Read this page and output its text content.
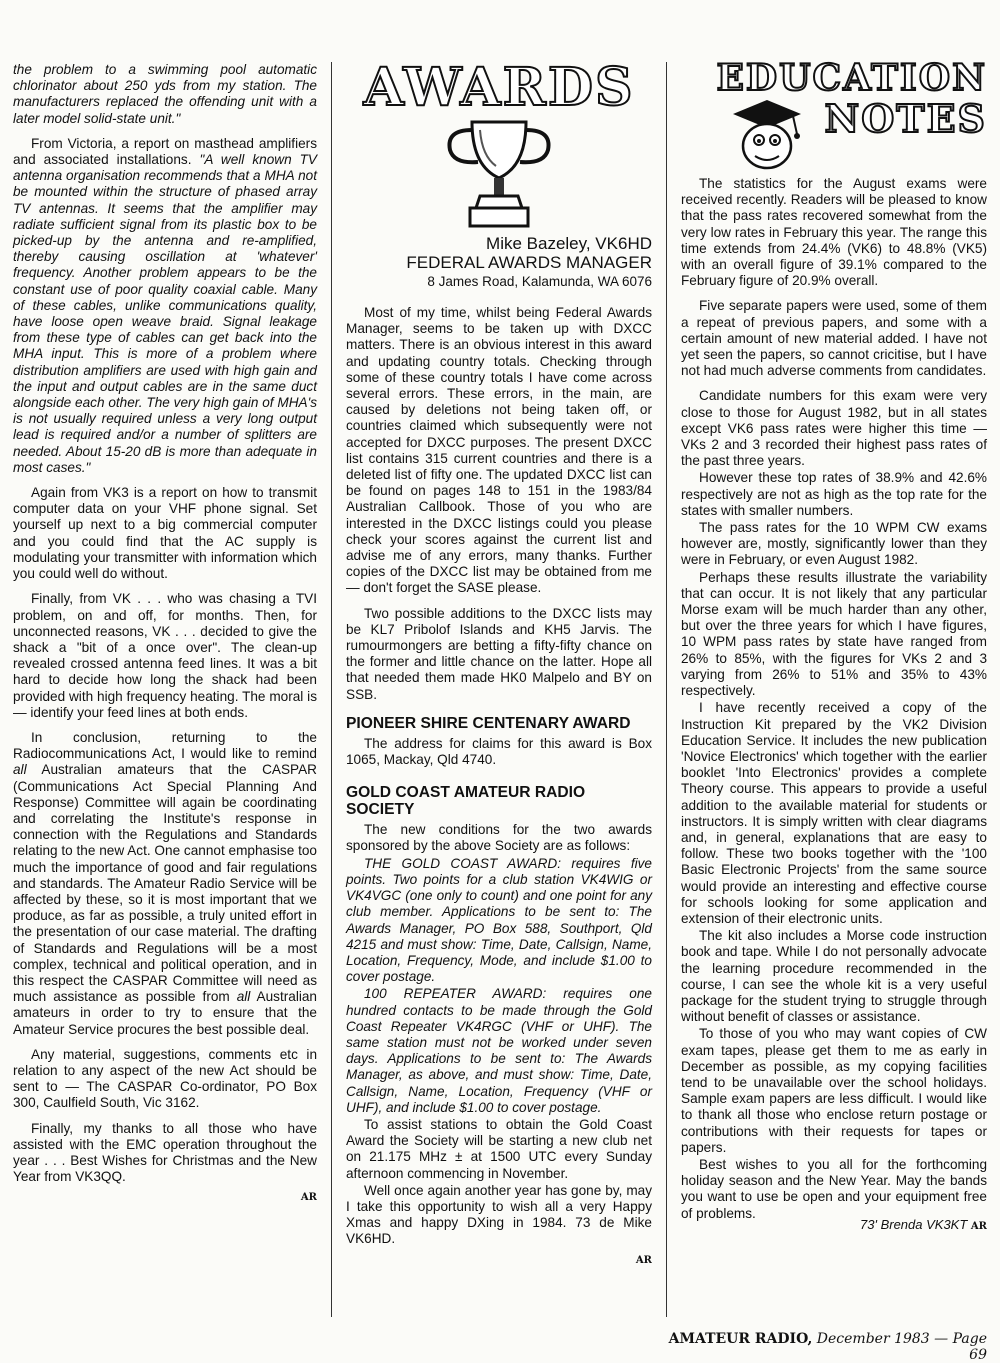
the problem to a swimming pool automatic chlorinator about 250 yds from my station. The manufacturers replaced the offending unit with a later model solid-state unit."

From Victoria, a report on masthead amplifiers and associated installations. "A well known TV antenna organisation recommends that a MHA not be mounted within the structure of phased array TV antennas. It seems that the amplifier may radiate sufficient signal from its plastic box to be picked-up by the antenna and re-amplified, thereby causing oscillation at 'whatever' frequency. Another problem appears to be the constant use of poor quality coaxial cable. Many of these cables, unlike communications quality, have loose open weave braid. Signal leakage from these type of cables can get back into the MHA input. This is more of a problem where distribution amplifiers are used with high gain and the input and output cables are in the same duct alongside each other. The very high gain of MHA's is not usually required unless a very long output lead is required and/or a number of splitters are needed. About 15-20 dB is more than adequate in most cases."

Again from VK3 is a report on how to transmit computer data on your VHF phone signal. Set yourself up next to a big commercial computer and you could find that the AC supply is modulating your transmitter with information which you could well do without.

Finally, from VK . . . who was chasing a TVI problem, on and off, for months. Then, for unconnected reasons, VK . . . decided to give the shack a "bit of a once over". The clean-up revealed crossed antenna feed lines. It was a bit hard to decide how long the shack had been provided with high frequency heating. The moral is — identify your feed lines at both ends.

In conclusion, returning to the Radiocommunications Act, I would like to remind all Australian amateurs that the CASPAR (Communications Act Special Planning And Response) Committee will again be coordinating and correlating the Institute's response in connection with the Regulations and Standards relating to the new Act. One cannot emphasise too much the importance of good and fair regulations and standards. The Amateur Radio Service will be affected by these, so it is most important that we produce, as far as possible, a truly united effort in the presentation of our case material. The drafting of Standards and Regulations will be a most complex, technical and political operation, and in this respect the CASPAR Committee will need as much assistance as possible from all Australian amateurs in order to try to ensure that the Amateur Service procures the best possible deal.

Any material, suggestions, comments etc in relation to any aspect of the new Act should be sent to — The CASPAR Co-ordinator, PO Box 300, Caulfield South, Vic 3162.

Finally, my thanks to all those who have assisted with the EMC operation throughout the year . . . Best Wishes for Christmas and the New Year from VK3QQ.

AR
AWARDS
Mike Bazeley, VK6HD
FEDERAL AWARDS MANAGER
8 James Road, Kalamunda, WA 6076

Most of my time, whilst being Federal Awards Manager, seems to be taken up with DXCC matters. There is an obvious interest in this award and updating country totals. Checking through some of these country totals I have come across several errors. These errors, in the main, are caused by deletions not being taken off, or countries claimed which subsequently were not accepted for DXCC purposes. The present DXCC list contains 315 current countries and there is a deleted list of fifty one. The updated DXCC list can be found on pages 148 to 151 in the 1983/84 Australian Callbook. Those of you who are interested in the DXCC listings could you please check your scores against the current list and advise me of any errors, many thanks. Further copies of the DXCC list may be obtained from me — don't forget the SASE please.

Two possible additions to the DXCC lists may be KL7 Pribolof Islands and KH5 Jarvis. The rumourmongers are betting a fifty-fifty chance on the former and little chance on the latter. Hope all that needed them made HK0 Malpelo and BY on SSB.

PIONEER SHIRE CENTENARY AWARD

The address for claims for this award is Box 1065, Mackay, Qld 4740.

GOLD COAST AMATEUR RADIO SOCIETY

The new conditions for the two awards sponsored by the above Society are as follows:

THE GOLD COAST AWARD: requires five points. Two points for a club station VK4WIG or VK4VGC (one only to count) and one point for any club member. Applications to be sent to: The Awards Manager, PO Box 588, Southport, Qld 4215 and must show: Time, Date, Callsign, Name, Location, Frequency, Mode, and include $1.00 to cover postage.

100 REPEATER AWARD: requires one hundred contacts to be made through the Gold Coast Repeater VK4RGC (VHF or UHF). The same station must not be worked under seven days. Applications to be sent to: The Awards Manager, as above, and must show: Time, Date, Callsign, Name, Location, Frequency (VHF or UHF), and include $1.00 to cover postage.

To assist stations to obtain the Gold Coast Award the Society will be starting a new club net on 21.175 MHz ± at 1500 UTC every Sunday afternoon commencing in November.

Well once again another year has gone by, may I take this opportunity to wish all a very Happy Xmas and happy DXing in 1984. 73 de Mike VK6HD.

AR
EDUCATION
NOTES

The statistics for the August exams were received recently. Readers will be pleased to know that the pass rates recovered somewhat from the very low rates in February this year. The range this time extends from 24.4% (VK6) to 48.8% (VK5) with an overall figure of 39.1% compared to the February figure of 20.9% overall.

Five separate papers were used, some of them a repeat of previous papers, and some with a certain amount of new material added. I have not yet seen the papers, so cannot cricitise, but I have not had much adverse comments from candidates.

Candidate numbers for this exam were very close to those for August 1982, but in all states except VK6 pass rates were higher this time —VKs 2 and 3 recorded their highest pass rates of the past three years.

However these top rates of 38.9% and 42.6% respectively are not as high as the top rate for the states with smaller numbers.

The pass rates for the 10 WPM CW exams however are, mostly, significantly lower than they were in February, or even August 1982.

Perhaps these results illustrate the variability that can occur. It is not likely that any particular Morse exam will be much harder than any other, but over the three years for which I have figures, 10 WPM pass rates by state have ranged from 26% to 85%, with the figures for VKs 2 and 3 varying from 26% to 51% and 35% to 43% respectively.

I have recently received a copy of the Instruction Kit prepared by the VK2 Division Education Service. It includes the new publication 'Novice Electronics' which together with the earlier booklet 'Into Electronics' provides a complete Theory course. This appears to provide a useful addition to the available material for students or instructors. It is simply written with clear diagrams and, in general, explanations that are easy to follow. These two books together with the '100 Basic Electronic Projects' from the same source would provide an interesting and effective course for schools looking for some application and extension of their electronic units.

The kit also includes a Morse code instruction book and tape. While I do not personally advocate the learning procedure recommended in the course, I can see the whole kit is a very useful package for the student trying to struggle through without benefit of classes or assistance.

To those of you who may want copies of CW exam tapes, please get them to me as early in December as possible, as my copying facilities tend to be unavailable over the school holidays. Sample exam papers are less difficult. I would like to thank all those who enclose return postage or contributions with their requests for tapes or papers.

Best wishes to you all for the forthcoming holiday season and the New Year. May the bands you want to use be open and your equipment free of problems.

73' Brenda VK3KT AR
AMATEUR RADIO, December 1983 — Page 69
